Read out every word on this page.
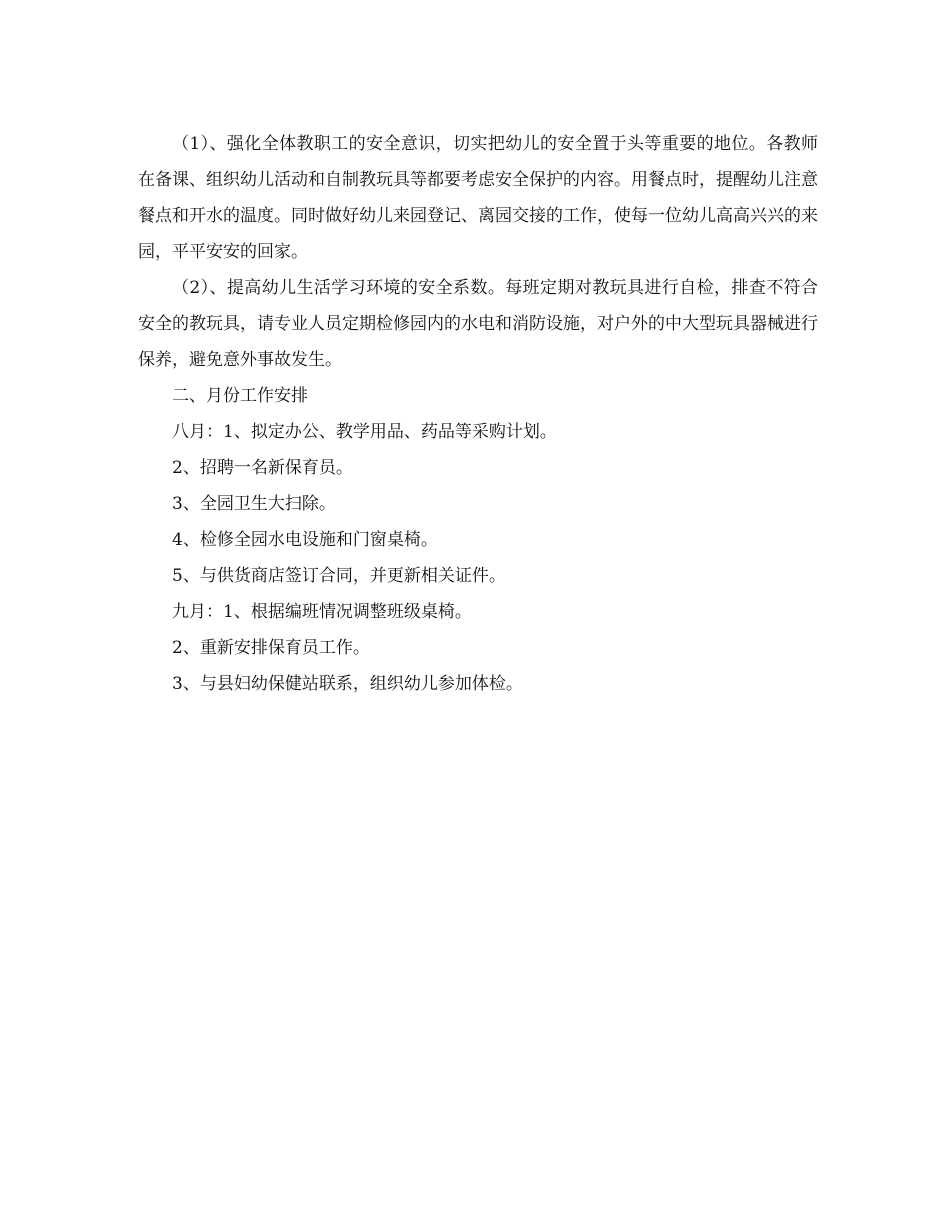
（1）、强化全体教职工的安全意识，切实把幼儿的安全置于头等重要的地位。各教师在备课、组织幼儿活动和自制教玩具等都要考虑安全保护的内容。用餐点时，提醒幼儿注意餐点和开水的温度。同时做好幼儿来园登记、离园交接的工作，使每一位幼儿高高兴兴的来园，平平安安的回家。

（2）、提高幼儿生活学习环境的安全系数。每班定期对教玩具进行自检，排查不符合安全的教玩具，请专业人员定期检修园内的水电和消防设施，对户外的中大型玩具器械进行保养，避免意外事故发生。

二、月份工作安排

八月：1、拟定办公、教学用品、药品等采购计划。

2、招聘一名新保育员。

3、全园卫生大扫除。

4、检修全园水电设施和门窗桌椅。

5、与供货商店签订合同，并更新相关证件。

九月：1、根据编班情况调整班级桌椅。

2、重新安排保育员工作。

3、与县妇幼保健站联系，组织幼儿参加体检。
